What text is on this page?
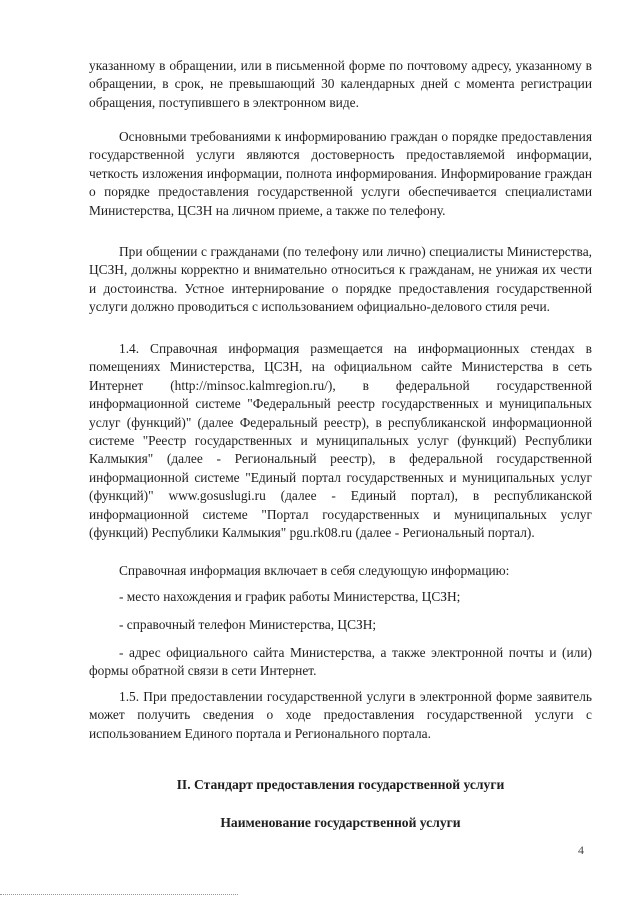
указанному в обращении, или в письменной форме по почтовому адресу, указанному в обращении, в срок, не превышающий 30 календарных дней с момента регистрации обращения, поступившего в электронном виде.

Основными требованиями к информированию граждан о порядке предоставления государственной услуги являются достоверность предоставляемой информации, четкость изложения информации, полнота информирования. Информирование граждан о порядке предоставления государственной услуги обеспечивается специалистами Министерства, ЦСЗН на личном приеме, а также по телефону.

При общении с гражданами (по телефону или лично) специалисты Министерства, ЦСЗН, должны корректно и внимательно относиться к гражданам, не унижая их чести и достоинства. Устное интернирование о порядке предоставления государственной услуги должно проводиться с использованием официально-делового стиля речи.

1.4. Справочная информация размещается на информационных стендах в помещениях Министерства, ЦСЗН, на официальном сайте Министерства в сеть Интернет (http://minsoc.kalmregion.ru/), в федеральной государственной информационной системе "Федеральный реестр государственных и муниципальных услуг (функций)" (далее Федеральный реестр), в республиканской информационной системе "Реестр государственных и муниципальных услуг (функций) Республики Калмыкия" (далее - Региональный реестр), в федеральной государственной информационной системе "Единый портал государственных и муниципальных услуг (функций)" www.gosuslugi.ru (далее - Единый портал), в республиканской информационной системе "Портал государственных и муниципальных услуг (функций) Республики Калмыкия" pgu.rk08.ru (далее - Региональный портал).

Справочная информация включает в себя следующую информацию:

- место нахождения и график работы Министерства, ЦСЗН;

- справочный телефон Министерства, ЦСЗН;

- адрес официального сайта Министерства, а также электронной почты и (или) формы обратной связи в сети Интернет.

1.5. При предоставлении государственной услуги в электронной форме заявитель может получить сведения о ходе предоставления государственной услуги с использованием Единого портала и Регионального портала.

II. Стандарт предоставления государственной услуги

Наименование государственной услуги

4
